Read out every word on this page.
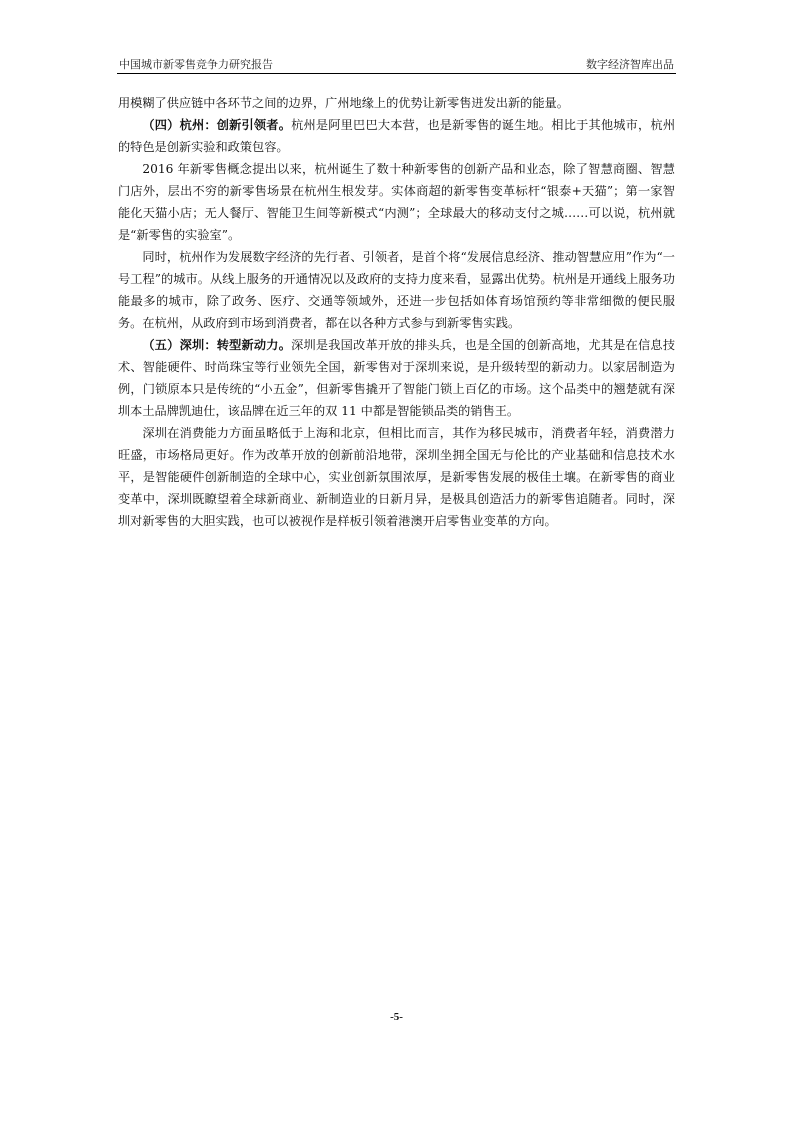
中国城市新零售竞争力研究报告	数字经济智库出品

用模糊了供应链中各环节之间的边界，广州地缘上的优势让新零售迸发出新的能量。

（四）杭州：创新引领者。杭州是阿里巴巴大本营，也是新零售的诞生地。相比于其他城市，杭州的特色是创新实验和政策包容。

2016 年新零售概念提出以来，杭州诞生了数十种新零售的创新产品和业态，除了智慧商圈、智慧门店外，层出不穷的新零售场景在杭州生根发芽。实体商超的新零售变革标杆“银泰+天猫”；第一家智能化天猫小店；无人餐厅、智能卫生间等新模式“内测”；全球最大的移动支付之城……可以说，杭州就是“新零售的实验室”。

同时，杭州作为发展数字经济的先行者、引领者，是首个将“发展信息经济、推动智慧应用”作为“一号工程”的城市。从线上服务的开通情况以及政府的支持力度来看，显露出优势。杭州是开通线上服务功能最多的城市，除了政务、医疗、交通等领域外，还进一步包括如体育场馆预约等非常细微的便民服务。在杭州，从政府到市场到消费者，都在以各种方式参与到新零售实践。

（五）深圳：转型新动力。深圳是我国改革开放的排头兵，也是全国的创新高地，尤其是在信息技术、智能硬件、时尚珠宝等行业领先全国，新零售对于深圳来说，是升级转型的新动力。以家居制造为例，门锁原本只是传统的“小五金”，但新零售撬开了智能门锁上百亿的市场。这个品类中的翘楚就有深圳本土品牌凯迪仕，该品牌在近三年的双 11 中都是智能锁品类的销售王。

深圳在消费能力方面虽略低于上海和北京，但相比而言，其作为移民城市，消费者年轻，消费潜力旺盛，市场格局更好。作为改革开放的创新前沿地带，深圳坐拥全国无与伦比的产业基础和信息技术水平，是智能硬件创新制造的全球中心，实业创新氛围浓厚，是新零售发展的极佳土壤。在新零售的商业变革中，深圳既瞭望着全球新商业、新制造业的日新月异，是极具创造活力的新零售追随者。同时，深圳对新零售的大胆实践，也可以被视作是样板引领着港澳开启零售业变革的方向。

-5-
